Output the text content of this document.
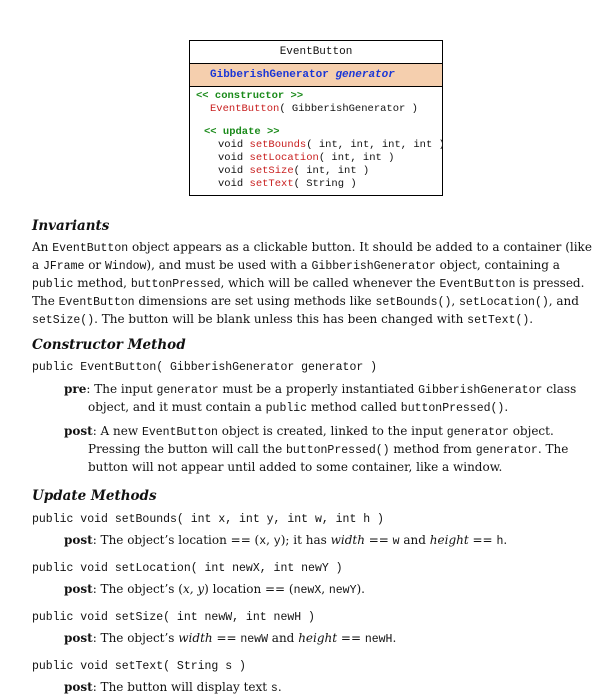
EventButton
GibberishGenerator generator
<< constructor >>
EventButton( GibberishGenerator )
<< update >>
void setBounds( int, int, int, int )
void setLocation( int, int )
void setSize( int, int )
void setText( String )
Invariants

An EventButton object appears as a clickable button. It should be added to a container (like a JFrame or Window), and must be used with a GibberishGenerator object, containing a public method, buttonPressed, which will be called whenever the EventButton is pressed. The EventButton dimensions are set using methods like setBounds(), setLocation(), and setSize(). The button will be blank unless this has been changed with setText().

Constructor Method
public EventButton( GibberishGenerator generator )

pre: The input generator must be a properly instantiated GibberishGenerator class object, and it must contain a public method called buttonPressed().

post: A new EventButton object is created, linked to the input generator object. Pressing the button will call the buttonPressed() method from generator. The button will not appear until added to some container, like a window.

Update Methods
public void setBounds( int x, int y, int w, int h )

post: The object’s location == (x, y); it has width == w and height == h.

public void setLocation( int newX, int newY )

post: The object’s (x, y) location == (newX, newY).

public void setSize( int newW, int newH )

post: The object’s width == newW and height == newH.

public void setText( String s )

post: The button will display text s.
